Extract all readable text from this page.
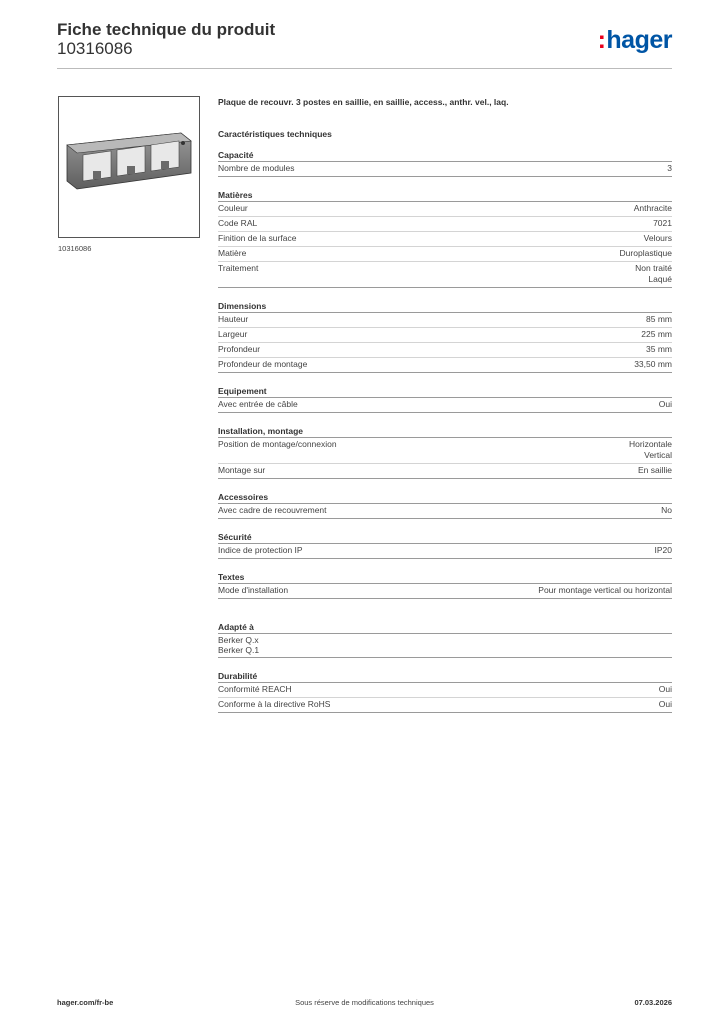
Fiche technique du produit
10316086	:hager
10316086
Plaque de recouvr. 3 postes en saillie, en saillie, access., anthr. vel., laq.
Caractéristiques techniques
Capacité
Nombre de modules	3
Matières
Couleur	Anthracite
Code RAL	7021
Finition de la surface	Velours
Matière	Duroplastique
Traitement	Non traité
Laqué
Dimensions
Hauteur	85 mm
Largeur	225 mm
Profondeur	35 mm
Profondeur de montage	33,50 mm
Equipement
Avec entrée de câble	Oui
Installation, montage
Position de montage/connexion	Horizontale
Vertical
Montage sur	En saillie
Accessoires
Avec cadre de recouvrement	No
Sécurité
Indice de protection IP	IP20
Textes
Mode d'installation	Pour montage vertical ou horizontal
Adapté à
Berker Q.x
Berker Q.1
Durabilité
Conformité REACH	Oui
Conforme à la directive RoHS	Oui
hager.com/fr-be	Sous réserve de modifications techniques	07.03.2026
